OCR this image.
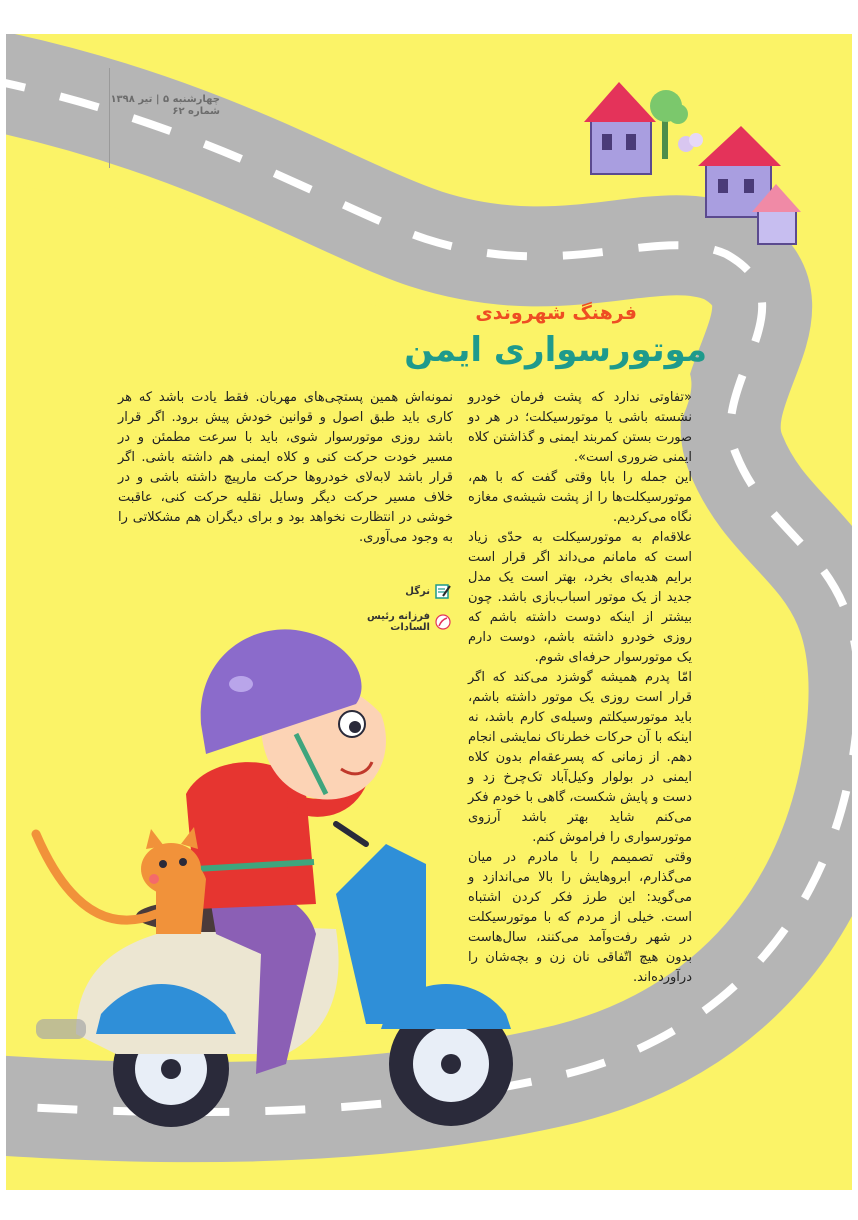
چهارشنبه ۵ | تیر ۱۳۹۸
شماره ۶۲
فرهنگ شهروندی
موتورسواری ایمن

«تفاوتی ندارد که پشت فرمان خودرو نشسته باشی یا موتورسیکلت؛ در هر دو صورت بستن کمربند ایمنی و گذاشتن کلاه ایمنی ضروری است».

این جمله را بابا وقتی گفت که با هم، موتورسیکلت‌ها را از پشت شیشه‌ی مغازه نگاه می‌کردیم.

علاقه‌ام به موتورسیکلت به حدّی زیاد است که مامانم می‌داند اگر قرار است برایم هدیه‌ای بخرد، بهتر است یک مدل جدید از یک موتور اسباب‌بازی باشد. چون بیشتر از اینکه دوست داشته باشم که روزی خودرو داشته باشم، دوست دارم یک موتورسوار حرفه‌ای شوم.

امّا پدرم همیشه گوشزد می‌کند که اگر قرار است روزی یک موتور داشته باشم، باید موتورسیکلتم وسیله‌ی کارم باشد، نه اینکه با آن حرکات خطرناک نمایشی انجام دهم. از زمانی که پسرعقه‌ام بدون کلاه ایمنی در بولوار وکیل‌آباد تک‌چرخ زد و دست و پایش شکست، گاهی با خودم فکر می‌کنم شاید بهتر باشد آرزوی موتورسواری را فراموش کنم.

وقتی تصمیمم را با مادرم در میان می‌گذارم، ابروهایش را بالا می‌اندازد و می‌گوید: این طرز فکر کردن اشتباه است. خیلی از مردم که با موتورسیکلت در شهر رفت‌وآمد می‌کنند، سال‌هاست بدون هیچ اتّفاقی نان زن و بچه‌شان را درآورده‌اند.

نمونه‌اش همین پستچی‌های مهربان. فقط یادت باشد که هر کاری باید طبق اصول و قوانین خودش پیش برود. اگر قرار باشد روزی موتورسوار شوی، باید با سرعت مطمئن و در مسیر خودت حرکت کنی و کلاه ایمنی هم داشته باشی. اگر قرار باشد لابه‌لای خودروها حرکت مارپیچ داشته باشی و در خلاف مسیر حرکت دیگر وسایل نقلیه حرکت کنی، عاقبت خوشی در انتظارت نخواهد بود و برای دیگران هم مشکلاتی را به وجود می‌آوری.

نرگل
فرزانه رئیس السادات
